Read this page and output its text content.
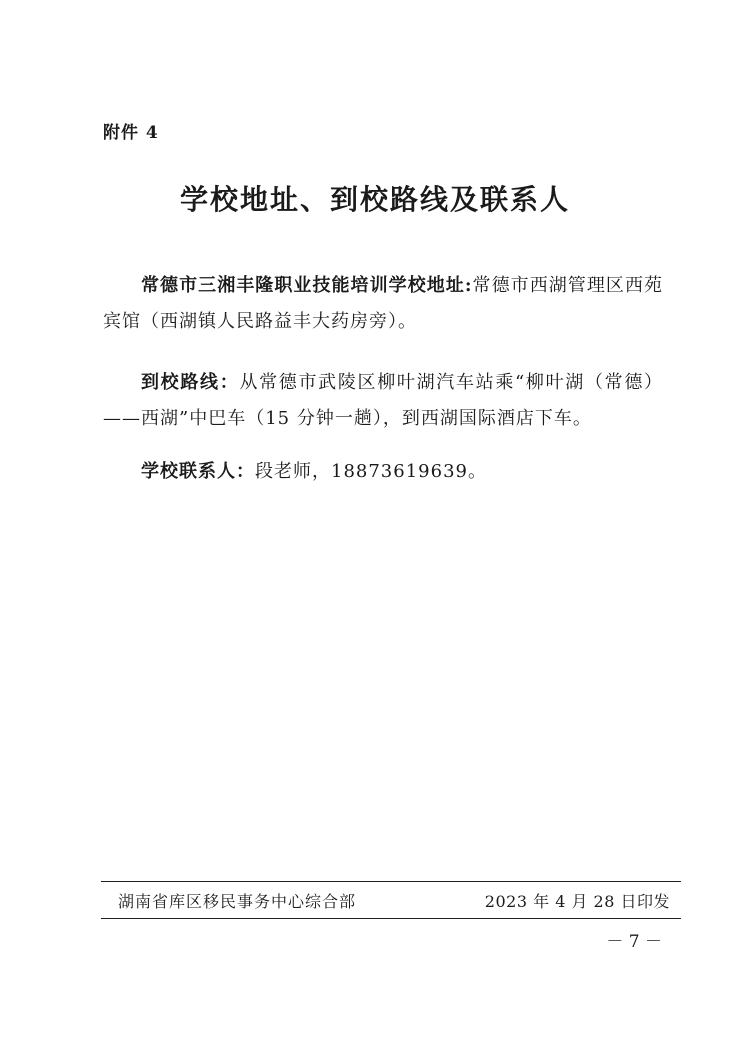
附件 4
学校地址、到校路线及联系人
常德市三湘丰隆职业技能培训学校地址:常德市西湖管理区西苑宾馆（西湖镇人民路益丰大药房旁）。
到校路线：从常德市武陵区柳叶湖汽车站乘“柳叶湖（常德）——西湖”中巴车（15 分钟一趟），到西湖国际酒店下车。
学校联系人：段老师，18873619639。
湖南省库区移民事务中心综合部	2023 年 4 月 28 日印发
－ 7 －
